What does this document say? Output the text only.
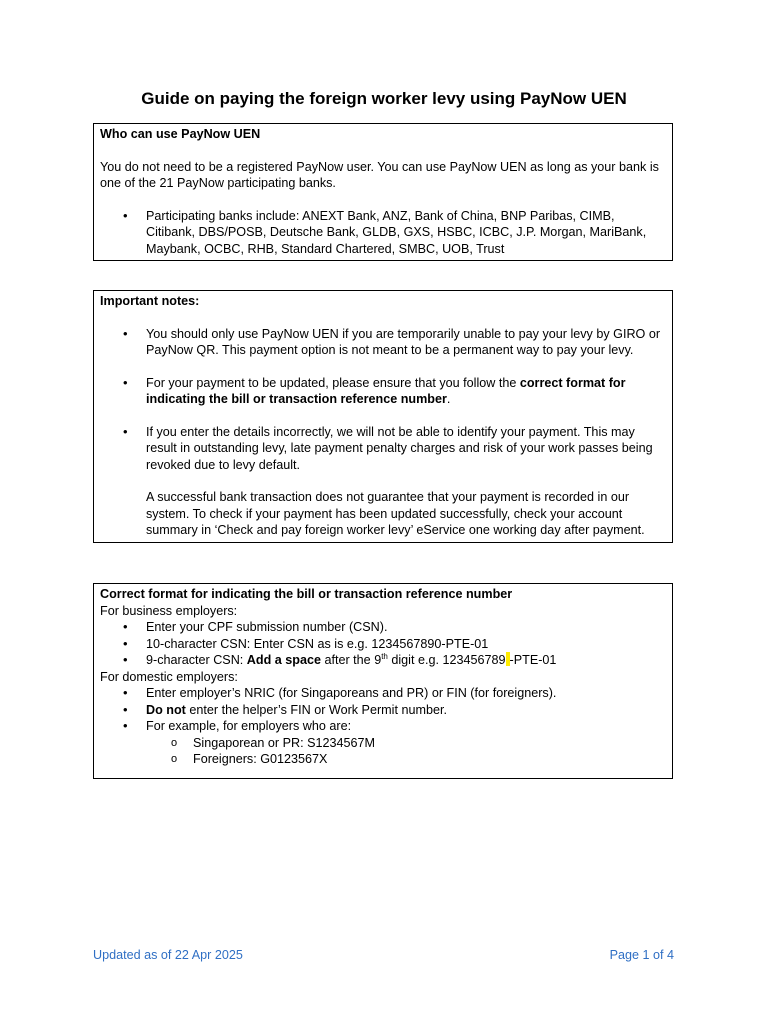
Guide on paying the foreign worker levy using PayNow UEN
Who can use PayNow UEN

You do not need to be a registered PayNow user. You can use PayNow UEN as long as your bank is one of the 21 PayNow participating banks.

• Participating banks include: ANEXT Bank, ANZ, Bank of China, BNP Paribas, CIMB, Citibank, DBS/POSB, Deutsche Bank, GLDB, GXS, HSBC, ICBC, J.P. Morgan, MariBank, Maybank, OCBC, RHB, Standard Chartered, SMBC, UOB, Trust
Important notes:
• You should only use PayNow UEN if you are temporarily unable to pay your levy by GIRO or PayNow QR. This payment option is not meant to be a permanent way to pay your levy.
• For your payment to be updated, please ensure that you follow the correct format for indicating the bill or transaction reference number.
• If you enter the details incorrectly, we will not be able to identify your payment. This may result in outstanding levy, late payment penalty charges and risk of your work passes being revoked due to levy default.
A successful bank transaction does not guarantee that your payment is recorded in our system. To check if your payment has been updated successfully, check your account summary in ‘Check and pay foreign worker levy’ eService one working day after payment.
Correct format for indicating the bill or transaction reference number
For business employers:
• Enter your CPF submission number (CSN).
• 10-character CSN: Enter CSN as is e.g. 1234567890-PTE-01
• 9-character CSN: Add a space after the 9th digit e.g. 123456789 -PTE-01
For domestic employers:
• Enter employer’s NRIC (for Singaporeans and PR) or FIN (for foreigners).
• Do not enter the helper’s FIN or Work Permit number.
• For example, for employers who are:
o Singaporean or PR: S1234567M
o Foreigners: G0123567X
Updated as of 22 Apr 2025	Page 1 of 4
